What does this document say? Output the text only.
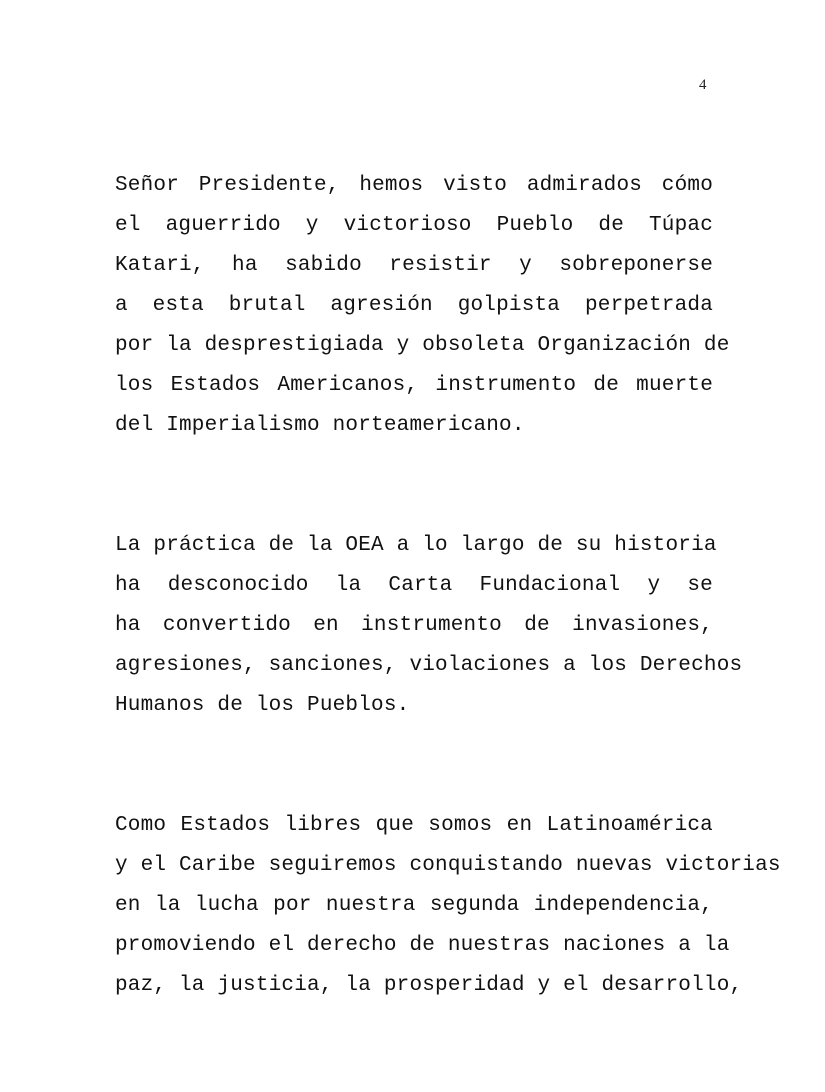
4

Señor Presidente, hemos visto admirados cómo
el aguerrido y victorioso Pueblo de Túpac
Katari, ha sabido resistir y sobreponerse
a esta brutal agresión golpista perpetrada
por la desprestigiada y obsoleta Organización de
los Estados Americanos, instrumento de muerte
del Imperialismo norteamericano.

La práctica de la OEA a lo largo de su historia
ha desconocido la Carta Fundacional y se
ha convertido en instrumento de invasiones,
agresiones, sanciones, violaciones a los Derechos
Humanos de los Pueblos.

Como Estados libres que somos en Latinoamérica
y el Caribe seguiremos conquistando nuevas victorias
en la lucha por nuestra segunda independencia,
promoviendo el derecho de nuestras naciones a la
paz, la justicia, la prosperidad y el desarrollo,
